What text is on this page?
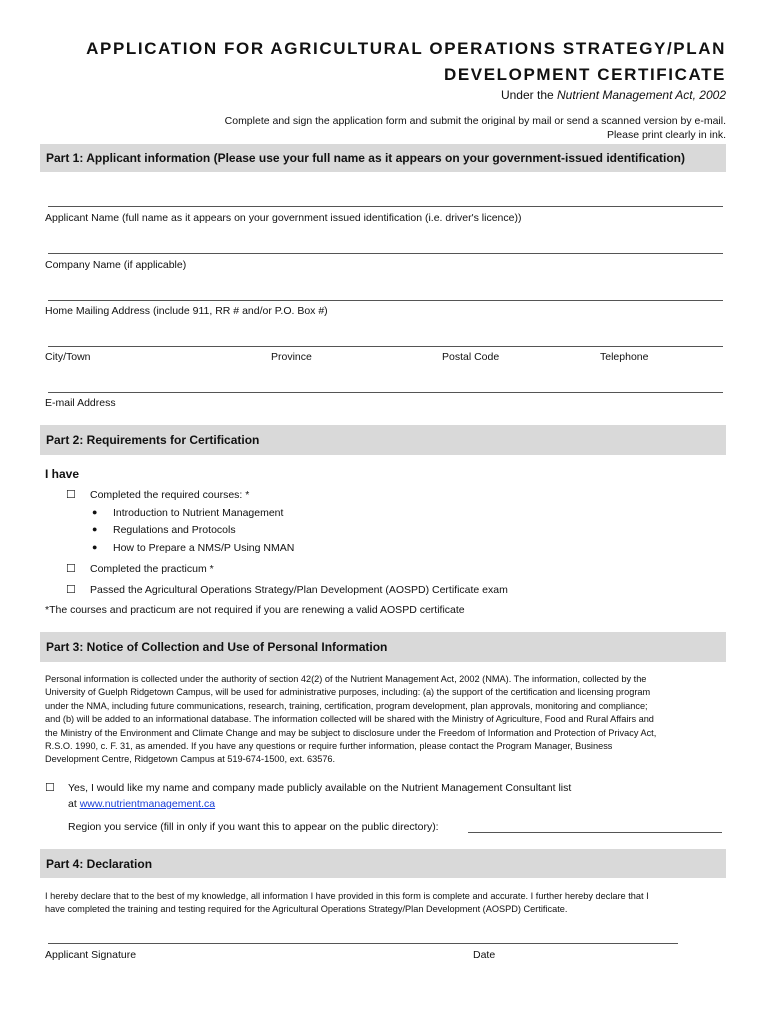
APPLICATION FOR AGRICULTURAL OPERATIONS STRATEGY/PLAN
DEVELOPMENT CERTIFICATE
Under the Nutrient Management Act, 2002
Complete and sign the application form and submit the original by mail or send a scanned version by e-mail.
Please print clearly in ink.
Part 1: Applicant information (Please use your full name as it appears on your government-issued identification)
Applicant Name (full name as it appears on your government issued identification (i.e. driver's licence))
Company Name (if applicable)
Home Mailing Address (include 911, RR # and/or P.O. Box #)
City/Town	Province	Postal Code	Telephone
E-mail Address
Part 2: Requirements for Certification
I have
☐ Completed the required courses: *
● Introduction to Nutrient Management
● Regulations and Protocols
● How to Prepare a NMS/P Using NMAN
☐ Completed the practicum *
☐ Passed the Agricultural Operations Strategy/Plan Development (AOSPD) Certificate exam
*The courses and practicum are not required if you are renewing a valid AOSPD certificate
Part 3: Notice of Collection and Use of Personal Information
Personal information is collected under the authority of section 42(2) of the Nutrient Management Act, 2002 (NMA). The information, collected by the
University of Guelph Ridgetown Campus, will be used for administrative purposes, including: (a) the support of the certification and licensing program
under the NMA, including future communications, research, training, certification, program development, plan approvals, monitoring and compliance;
and (b) will be added to an informational database. The information collected will be shared with the Ministry of Agriculture, Food and Rural Affairs and
the Ministry of the Environment and Climate Change and may be subject to disclosure under the Freedom of Information and Protection of Privacy Act,
R.S.O. 1990, c. F. 31, as amended. If you have any questions or require further information, please contact the Program Manager, Business
Development Centre, Ridgetown Campus at 519-674-1500, ext. 63576.
☐ Yes, I would like my name and company made publicly available on the Nutrient Management Consultant list
at www.nutrientmanagement.ca
Region you service (fill in only if you want this to appear on the public directory):
Part 4: Declaration
I hereby declare that to the best of my knowledge, all information I have provided in this form is complete and accurate. I further hereby declare that I
have completed the training and testing required for the Agricultural Operations Strategy/Plan Development (AOSPD) Certificate.
Applicant Signature	Date
